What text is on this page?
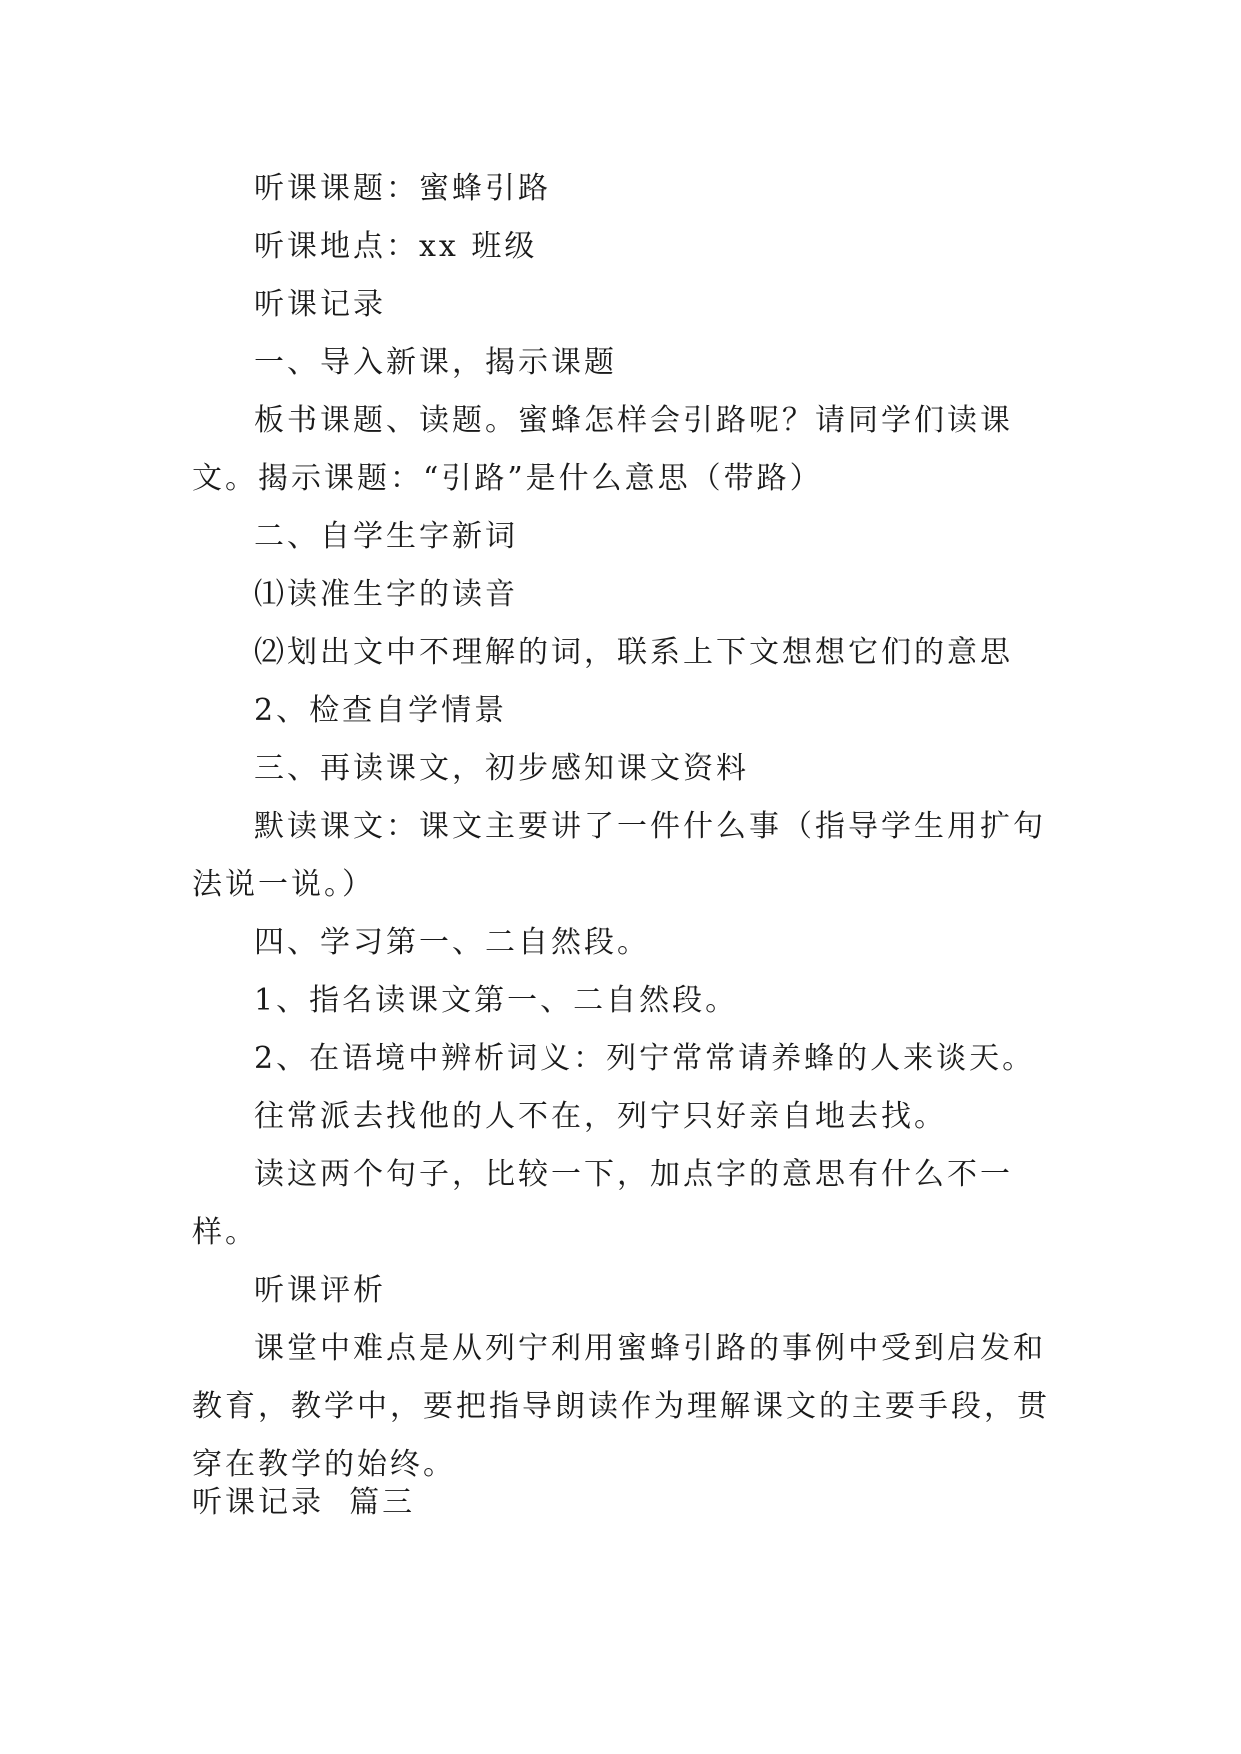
听课课题：蜜蜂引路

听课地点：xx 班级

听课记录

一、导入新课，揭示课题

板书课题、读题。蜜蜂怎样会引路呢？请同学们读课文。揭示课题：“引路”是什么意思（带路）

二、自学生字新词

⑴读准生字的读音

⑵划出文中不理解的词，联系上下文想想它们的意思

2、检查自学情景

三、再读课文，初步感知课文资料

默读课文：课文主要讲了一件什么事（指导学生用扩句法说一说。）

四、学习第一、二自然段。

1、指名读课文第一、二自然段。

2、在语境中辨析词义：列宁常常请养蜂的人来谈天。

往常派去找他的人不在，列宁只好亲自地去找。

读这两个句子，比较一下，加点字的意思有什么不一样。

听课评析

课堂中难点是从列宁利用蜜蜂引路的事例中受到启发和教育，教学中，要把指导朗读作为理解课文的主要手段，贯穿在教学的始终。

听课记录  篇三
